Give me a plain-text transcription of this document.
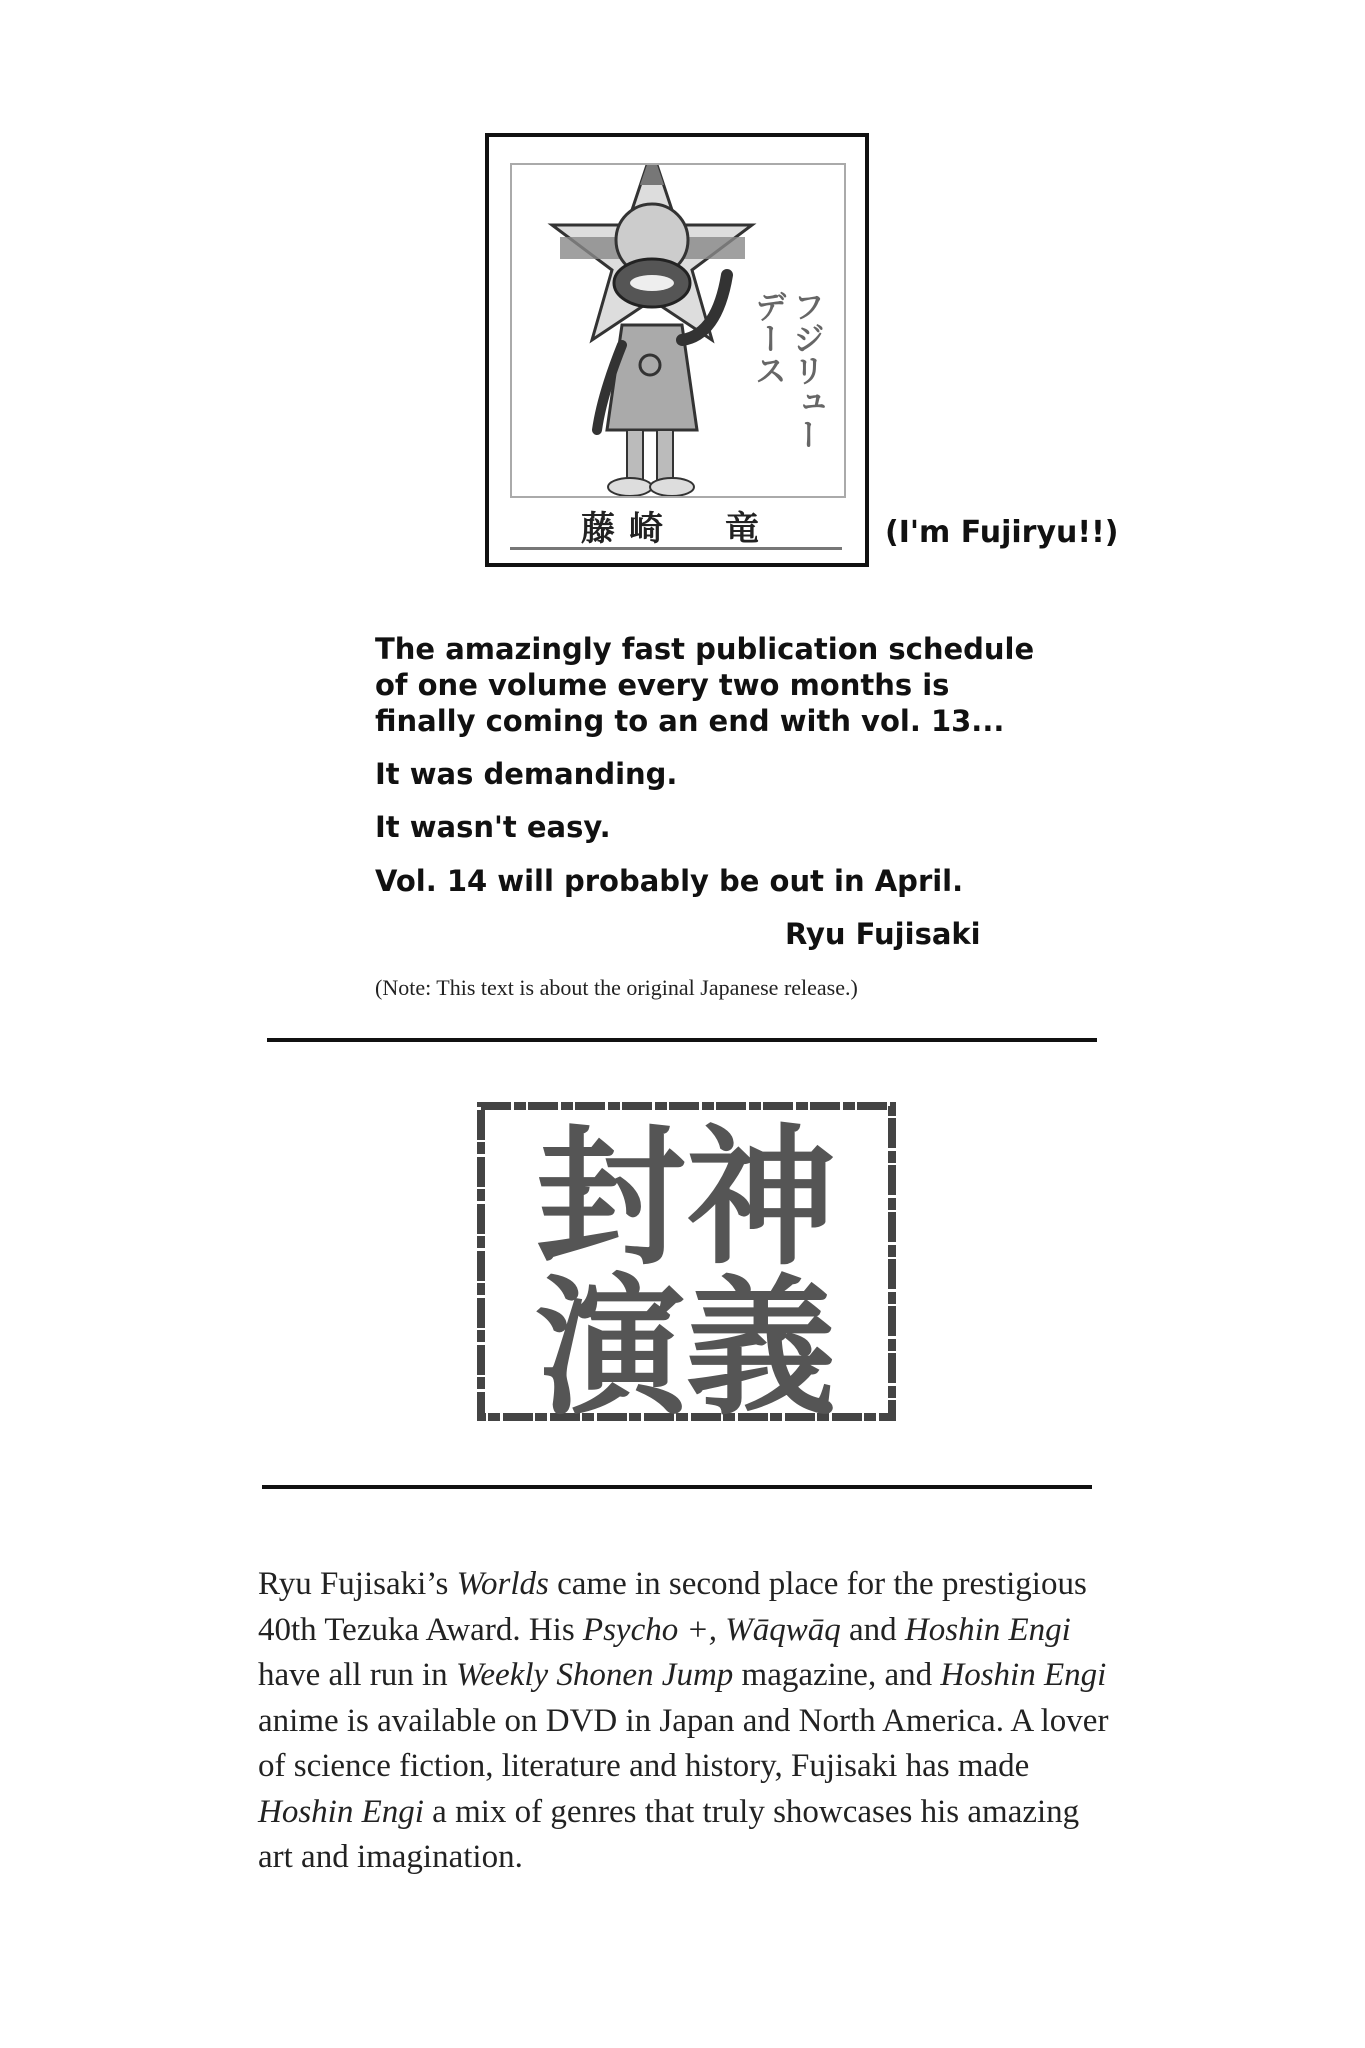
フジリュー デース
藤崎　竜	(I'm Fujiryu!!)
The amazingly fast publication schedule
of one volume every two months is
finally coming to an end with vol. 13...
It was demanding.
It wasn't easy.
Vol. 14 will probably be out in April.
Ryu Fujisaki
(Note: This text is about the original Japanese release.)
封神
演義
Ryu Fujisaki’s Worlds came in second place for the prestigious 40th Tezuka Award. His Psycho +, Wāqwāq and Hoshin Engi have all run in Weekly Shonen Jump magazine, and Hoshin Engi anime is available on DVD in Japan and North America. A lover of science fiction, literature and history, Fujisaki has made Hoshin Engi a mix of genres that truly showcases his amazing art and imagination.
